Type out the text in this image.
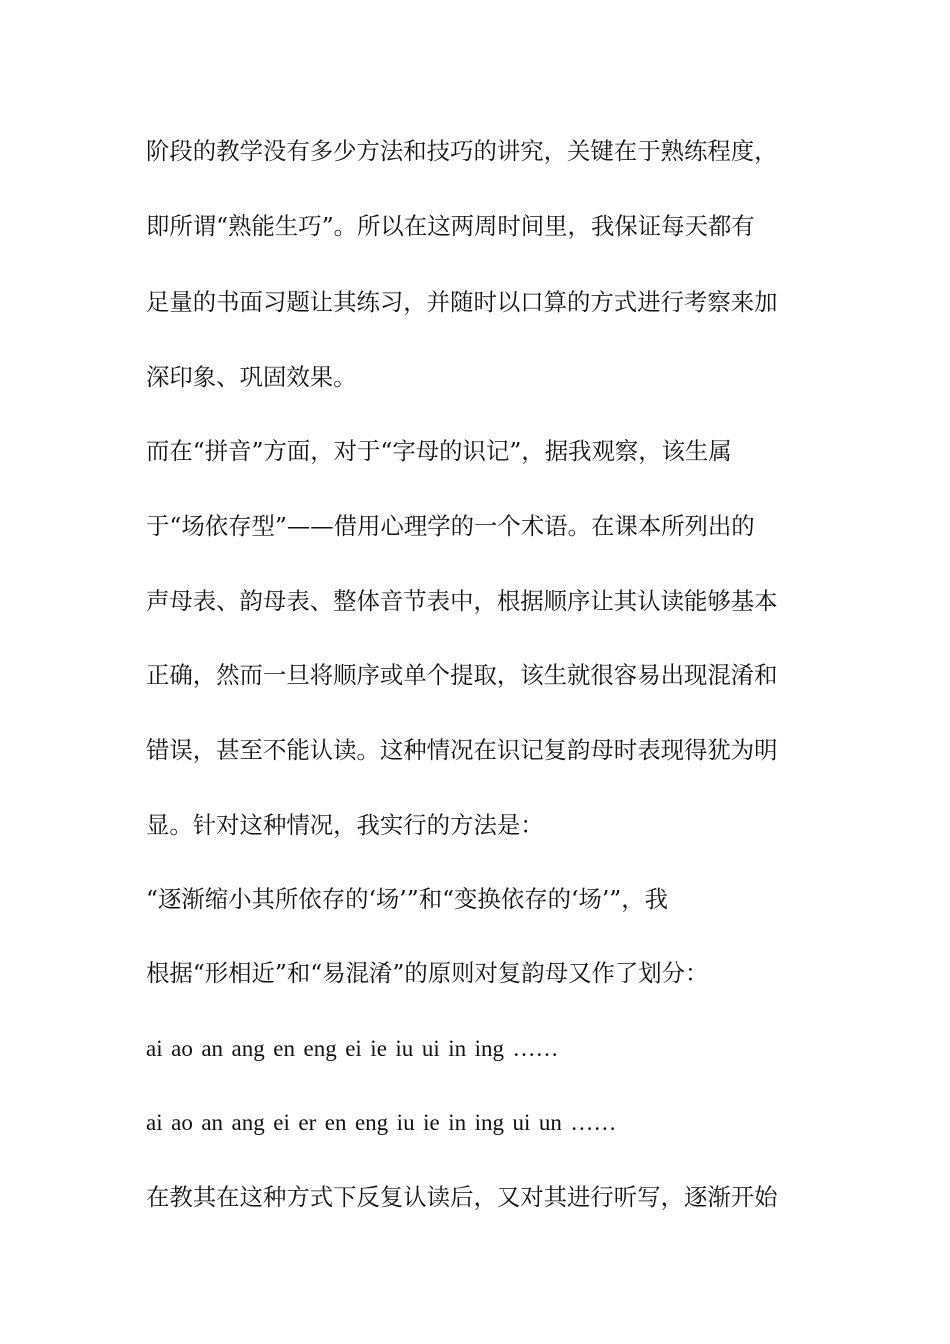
阶段的教学没有多少方法和技巧的讲究，关键在于熟练程度，

即所谓“熟能生巧”。所以在这两周时间里，我保证每天都有

足量的书面习题让其练习，并随时以口算的方式进行考察来加

深印象、巩固效果。

而在“拼音”方面，对于“字母的识记”，据我观察，该生属

于“场依存型”——借用心理学的一个术语。在课本所列出的

声母表、韵母表、整体音节表中，根据顺序让其认读能够基本

正确，然而一旦将顺序或单个提取，该生就很容易出现混淆和

错误，甚至不能认读。这种情况在识记复韵母时表现得犹为明

显。针对这种情况，我实行的方法是：

“逐渐缩小其所依存的‘场’”和“变换依存的‘场’”，我

根据“形相近”和“易混淆”的原则对复韵母又作了划分：

ai ao an ang en eng ei ie iu ui in ing ……

ai ao an ang ei er en eng iu ie in ing ui un ……

在教其在这种方式下反复认读后，又对其进行听写，逐渐开始
